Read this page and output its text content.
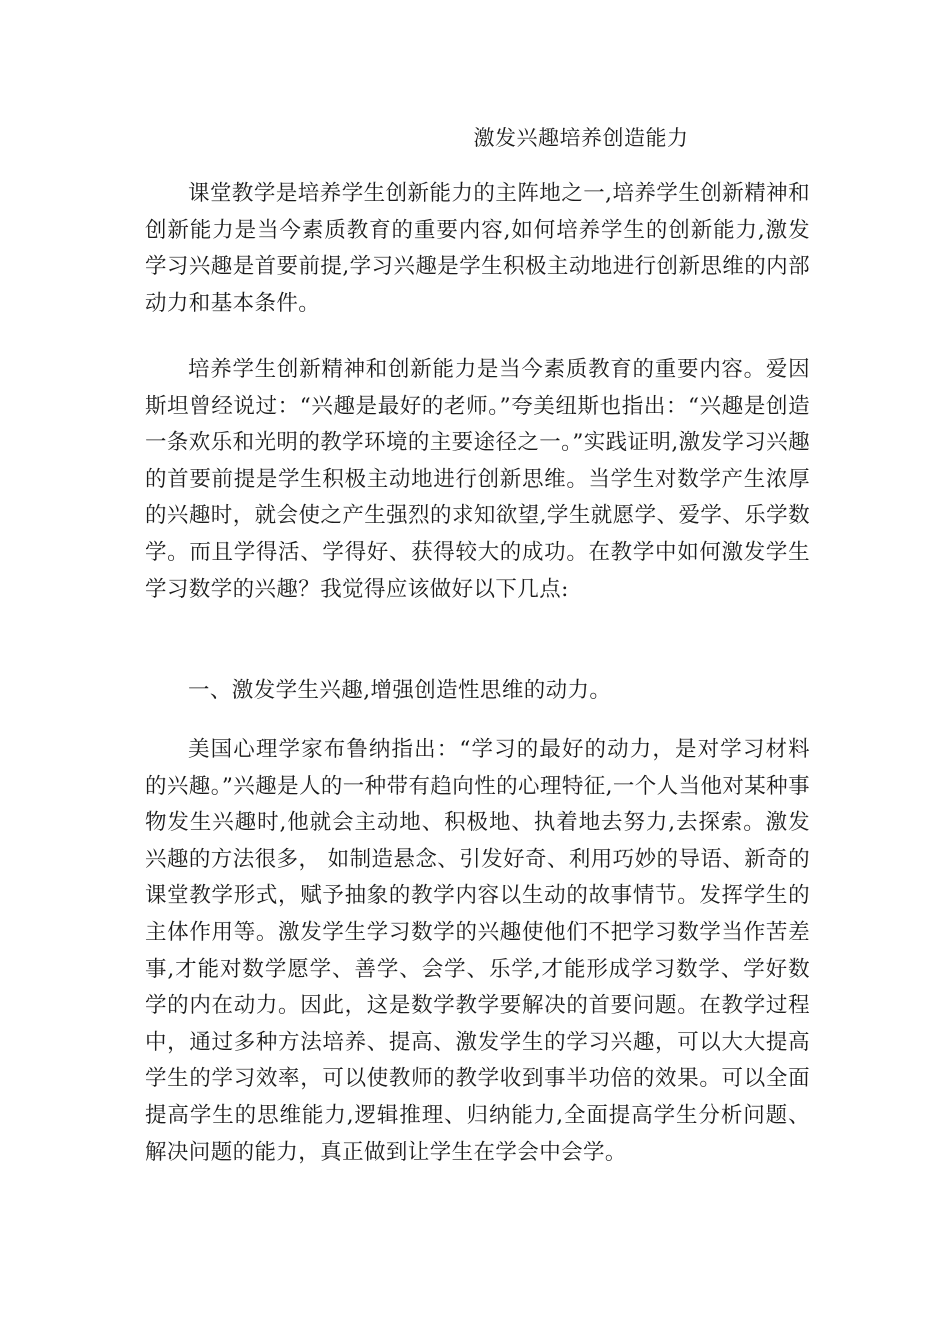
激发兴趣培养创造能力

课堂教学是培养学生创新能力的主阵地之一,培养学生创新精神和创新能力是当今素质教育的重要内容,如何培养学生的创新能力,激发学习兴趣是首要前提,学习兴趣是学生积极主动地进行创新思维的内部动力和基本条件。

培养学生创新精神和创新能力是当今素质教育的重要内容。爱因斯坦曾经说过：“兴趣是最好的老师。”夸美纽斯也指出：“兴趣是创造一条欢乐和光明的教学环境的主要途径之一。”实践证明,激发学习兴趣的首要前提是学生积极主动地进行创新思维。当学生对数学产生浓厚的兴趣时，就会使之产生强烈的求知欲望,学生就愿学、爱学、乐学数学。而且学得活、学得好、获得较大的成功。在教学中如何激发学生学习数学的兴趣？我觉得应该做好以下几点:

一、激发学生兴趣,增强创造性思维的动力。

美国心理学家布鲁纳指出：“学习的最好的动力，是对学习材料的兴趣。”兴趣是人的一种带有趋向性的心理特征,一个人当他对某种事物发生兴趣时,他就会主动地、积极地、执着地去努力,去探索。激发兴趣的方法很多， 如制造悬念、引发好奇、利用巧妙的导语、新奇的课堂教学形式，赋予抽象的教学内容以生动的故事情节。发挥学生的主体作用等。激发学生学习数学的兴趣使他们不把学习数学当作苦差事,才能对数学愿学、善学、会学、乐学,才能形成学习数学、学好数学的内在动力。因此，这是数学教学要解决的首要问题。在教学过程中，通过多种方法培养、提高、激发学生的学习兴趣，可以大大提高学生的学习效率，可以使教师的教学收到事半功倍的效果。可以全面提高学生的思维能力,逻辑推理、归纳能力,全面提高学生分析问题、解决问题的能力，真正做到让学生在学会中会学。
